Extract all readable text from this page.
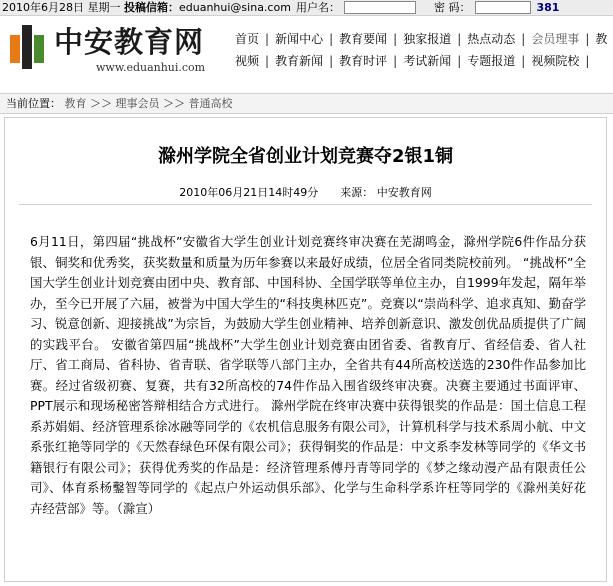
2010年6月28日 星期一 投稿信箱：eduanhui@sina.com 用户名：	密 码：	381
中安教育网
www.eduanhui.com
首页 | 新闻中心 | 教育要闻 | 独家报道 | 热点动态 | 会员理事 | 教
视频 | 教育新闻 | 教育时评 | 考试新闻 | 专题报道 | 视频院校 |
当前位置： 教育 ＞＞ 理事会员 ＞＞ 普通高校
滁州学院全省创业计划竞赛夺2银1铜
2010年06月21日14时49分 来源： 中安教育网
6月11日，第四届“挑战杯”安徽省大学生创业计划竞赛终审决赛在芜湖鸣金，滁州学院6件作品分获银、铜奖和优秀奖，获奖数量和质量为历年参赛以来最好成绩，位居全省同类院校前列。 “挑战杯”全国大学生创业计划竞赛由团中央、教育部、中国科协、全国学联等单位主办，自1999年发起，隔年举办，至今已开展了六届，被誉为中国大学生的“科技奥林匹克”。竞赛以“崇尚科学、追求真知、勤奋学习、锐意创新、迎接挑战”为宗旨，为鼓励大学生创业精神、培养创新意识、激发创优品质提供了广阔的实践平台。 安徽省第四届“挑战杯”大学生创业计划竞赛由团省委、省教育厅、省经信委、省人社厅、省工商局、省科协、省青联、省学联等八部门主办，全省共有44所高校送选的230件作品参加比赛。经过省级初赛、复赛，共有32所高校的74件作品入围省级终审决赛。决赛主要通过书面评审、PPT展示和现场秘密答辩相结合方式进行。 滁州学院在终审决赛中获得银奖的作品是：国土信息工程系苏娟娟、经济管理系徐冰融等同学的《农机信息服务有限公司》，计算机科学与技术系周小航、中文系张红艳等同学的《天然春绿色环保有限公司》；获得铜奖的作品是：中文系李发林等同学的《华文书籍银行有限公司》；获得优秀奖的作品是：经济管理系傅丹青等同学的《梦之缘动漫产品有限责任公司》、体育系杨鑿智等同学的《起点户外运动俱乐部》、化学与生命科学系许枉等同学的《滁州美好花卉经营部》等。（滁宣）
